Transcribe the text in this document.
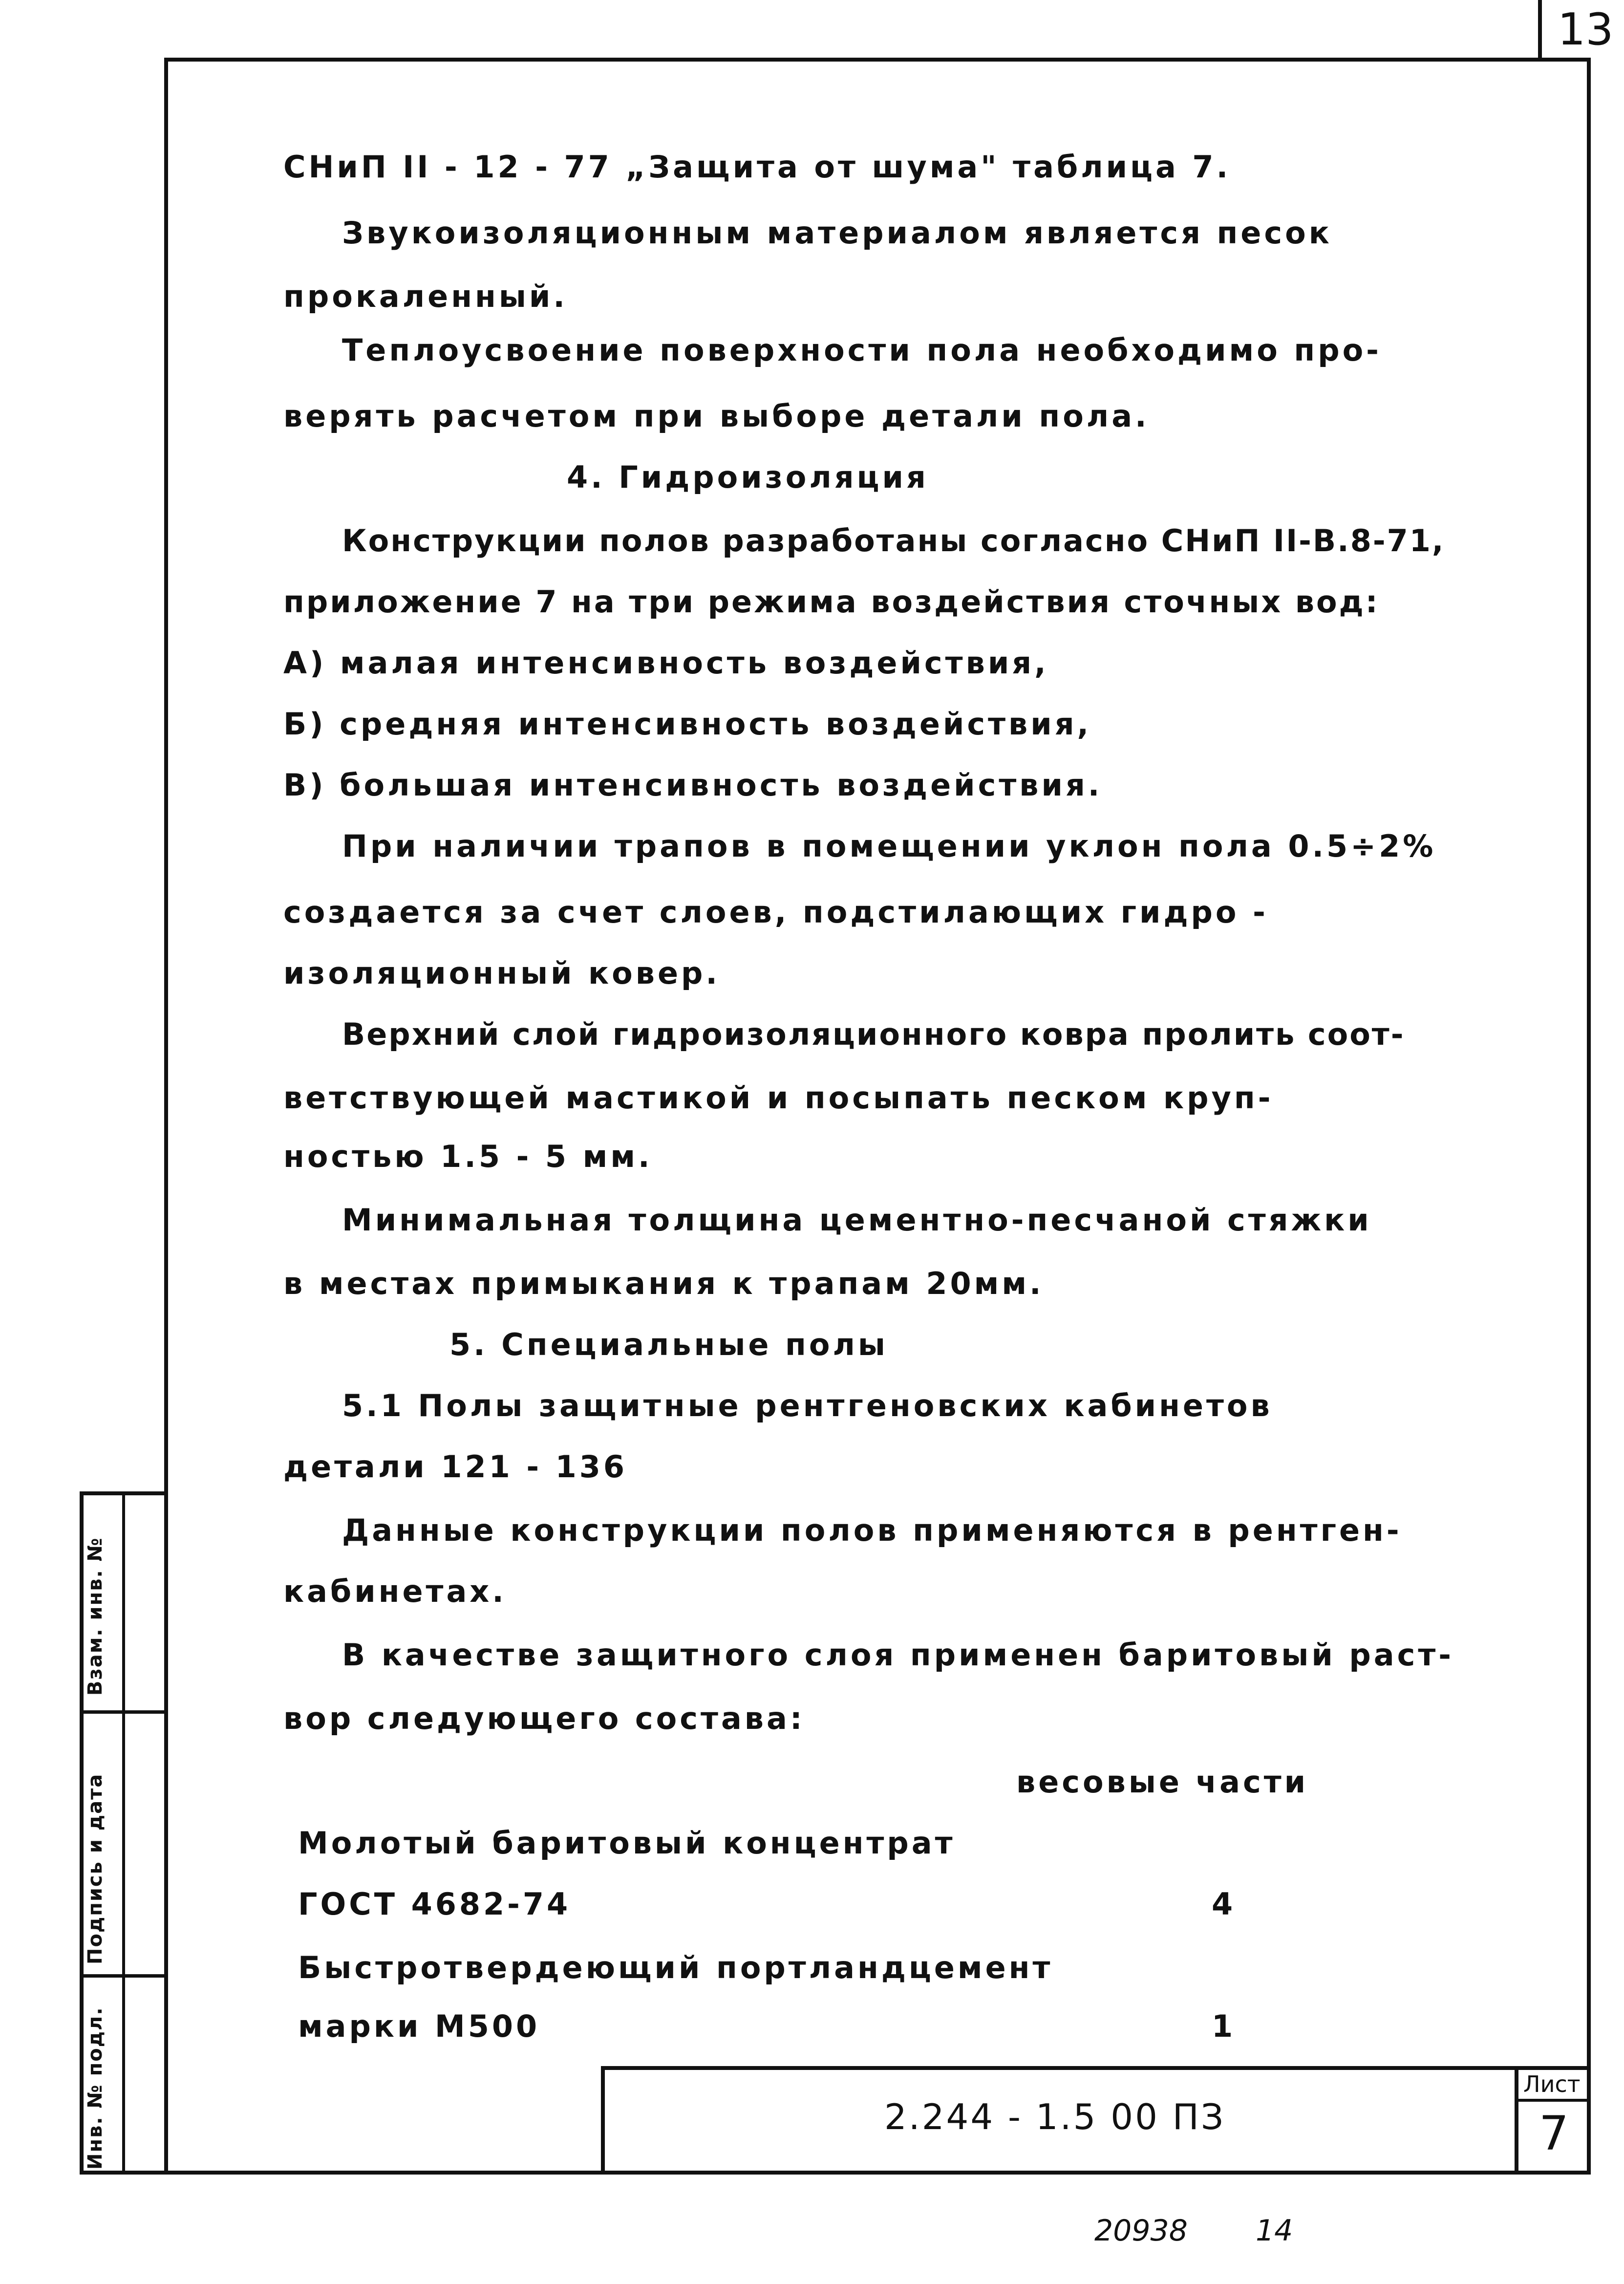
13
Взам. инв. №
Подпись и дата
Инв. № подл.
СНиП II - 12 - 77 „Защита от шума" таблица 7.
Звукоизоляционным материалом является песок
прокаленный.
Теплоусвоение поверхности пола необходимо про-
верять расчетом при выборе детали пола.
4. Гидроизоляция
Конструкции полов разработаны согласно СНиП II-В.8-71,
приложение 7 на три режима воздействия сточных вод:
А) малая интенсивность воздействия,
Б) средняя интенсивность воздействия,
В) большая интенсивность воздействия.
При наличии трапов в помещении уклон пола 0.5÷2%
создается за счет слоев, подстилающих гидро -
изоляционный ковер.
Верхний слой гидроизоляционного ковра пролить соот-
ветствующей мастикой и посыпать песком круп-
ностью 1.5 - 5 мм.
Минимальная толщина цементно-песчаной стяжки
в местах примыкания к трапам 20мм.
5. Специальные полы
5.1 Полы защитные рентгеновских кабинетов
детали 121 - 136
Данные конструкции полов применяются в рентген-
кабинетах.
В качестве защитного слоя применен баритовый раст-
вор следующего состава:
весовые части
Молотый баритовый концентрат
ГОСТ 4682-74	4
Быстротвердеющий портландцемент
марки М500	1
2.244 - 1.5 00 ПЗ
Лист
7
20938 14
